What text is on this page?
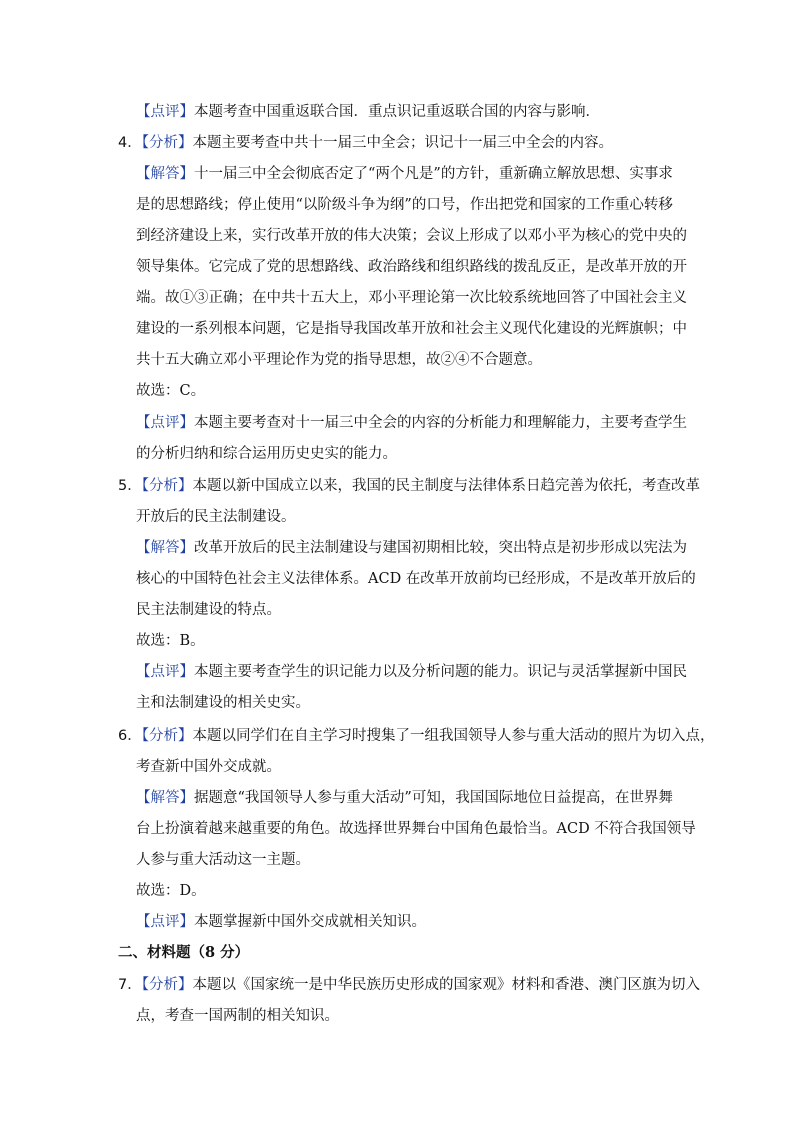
【点评】本题考查中国重返联合国．重点识记重返联合国的内容与影响．
4．【分析】本题主要考查中共十一届三中全会；识记十一届三中全会的内容。
【解答】十一届三中全会彻底否定了“两个凡是”的方针，重新确立解放思想、实事求
是的思想路线；停止使用“以阶级斗争为纲”的口号，作出把党和国家的工作重心转移
到经济建设上来，实行改革开放的伟大决策；会议上形成了以邓小平为核心的党中央的
领导集体。它完成了党的思想路线、政治路线和组织路线的拨乱反正，是改革开放的开
端。故①③正确；在中共十五大上，邓小平理论第一次比较系统地回答了中国社会主义
建设的一系列根本问题，它是指导我国改革开放和社会主义现代化建设的光辉旗帜；中
共十五大确立邓小平理论作为党的指导思想，故②④不合题意。
故选：C。
【点评】本题主要考查对十一届三中全会的内容的分析能力和理解能力，主要考查学生
的分析归纳和综合运用历史史实的能力。
5．【分析】本题以新中国成立以来，我国的民主制度与法律体系日趋完善为依托，考查改革
开放后的民主法制建设。
【解答】改革开放后的民主法制建设与建国初期相比较，突出特点是初步形成以宪法为
核心的中国特色社会主义法律体系。ACD 在改革开放前均已经形成，不是改革开放后的
民主法制建设的特点。
故选：B。
【点评】本题主要考查学生的识记能力以及分析问题的能力。识记与灵活掌握新中国民
主和法制建设的相关史实。
6．【分析】本题以同学们在自主学习时搜集了一组我国领导人参与重大活动的照片为切入点，
考查新中国外交成就。
【解答】据题意“我国领导人参与重大活动”可知，我国国际地位日益提高，在世界舞
台上扮演着越来越重要的角色。故选择世界舞台中国角色最恰当。ACD 不符合我国领导
人参与重大活动这一主题。
故选：D。
【点评】本题掌握新中国外交成就相关知识。
二、材料题（8 分）
7．【分析】本题以《国家统一是中华民族历史形成的国家观》材料和香港、澳门区旗为切入
点，考查一国两制的相关知识。
